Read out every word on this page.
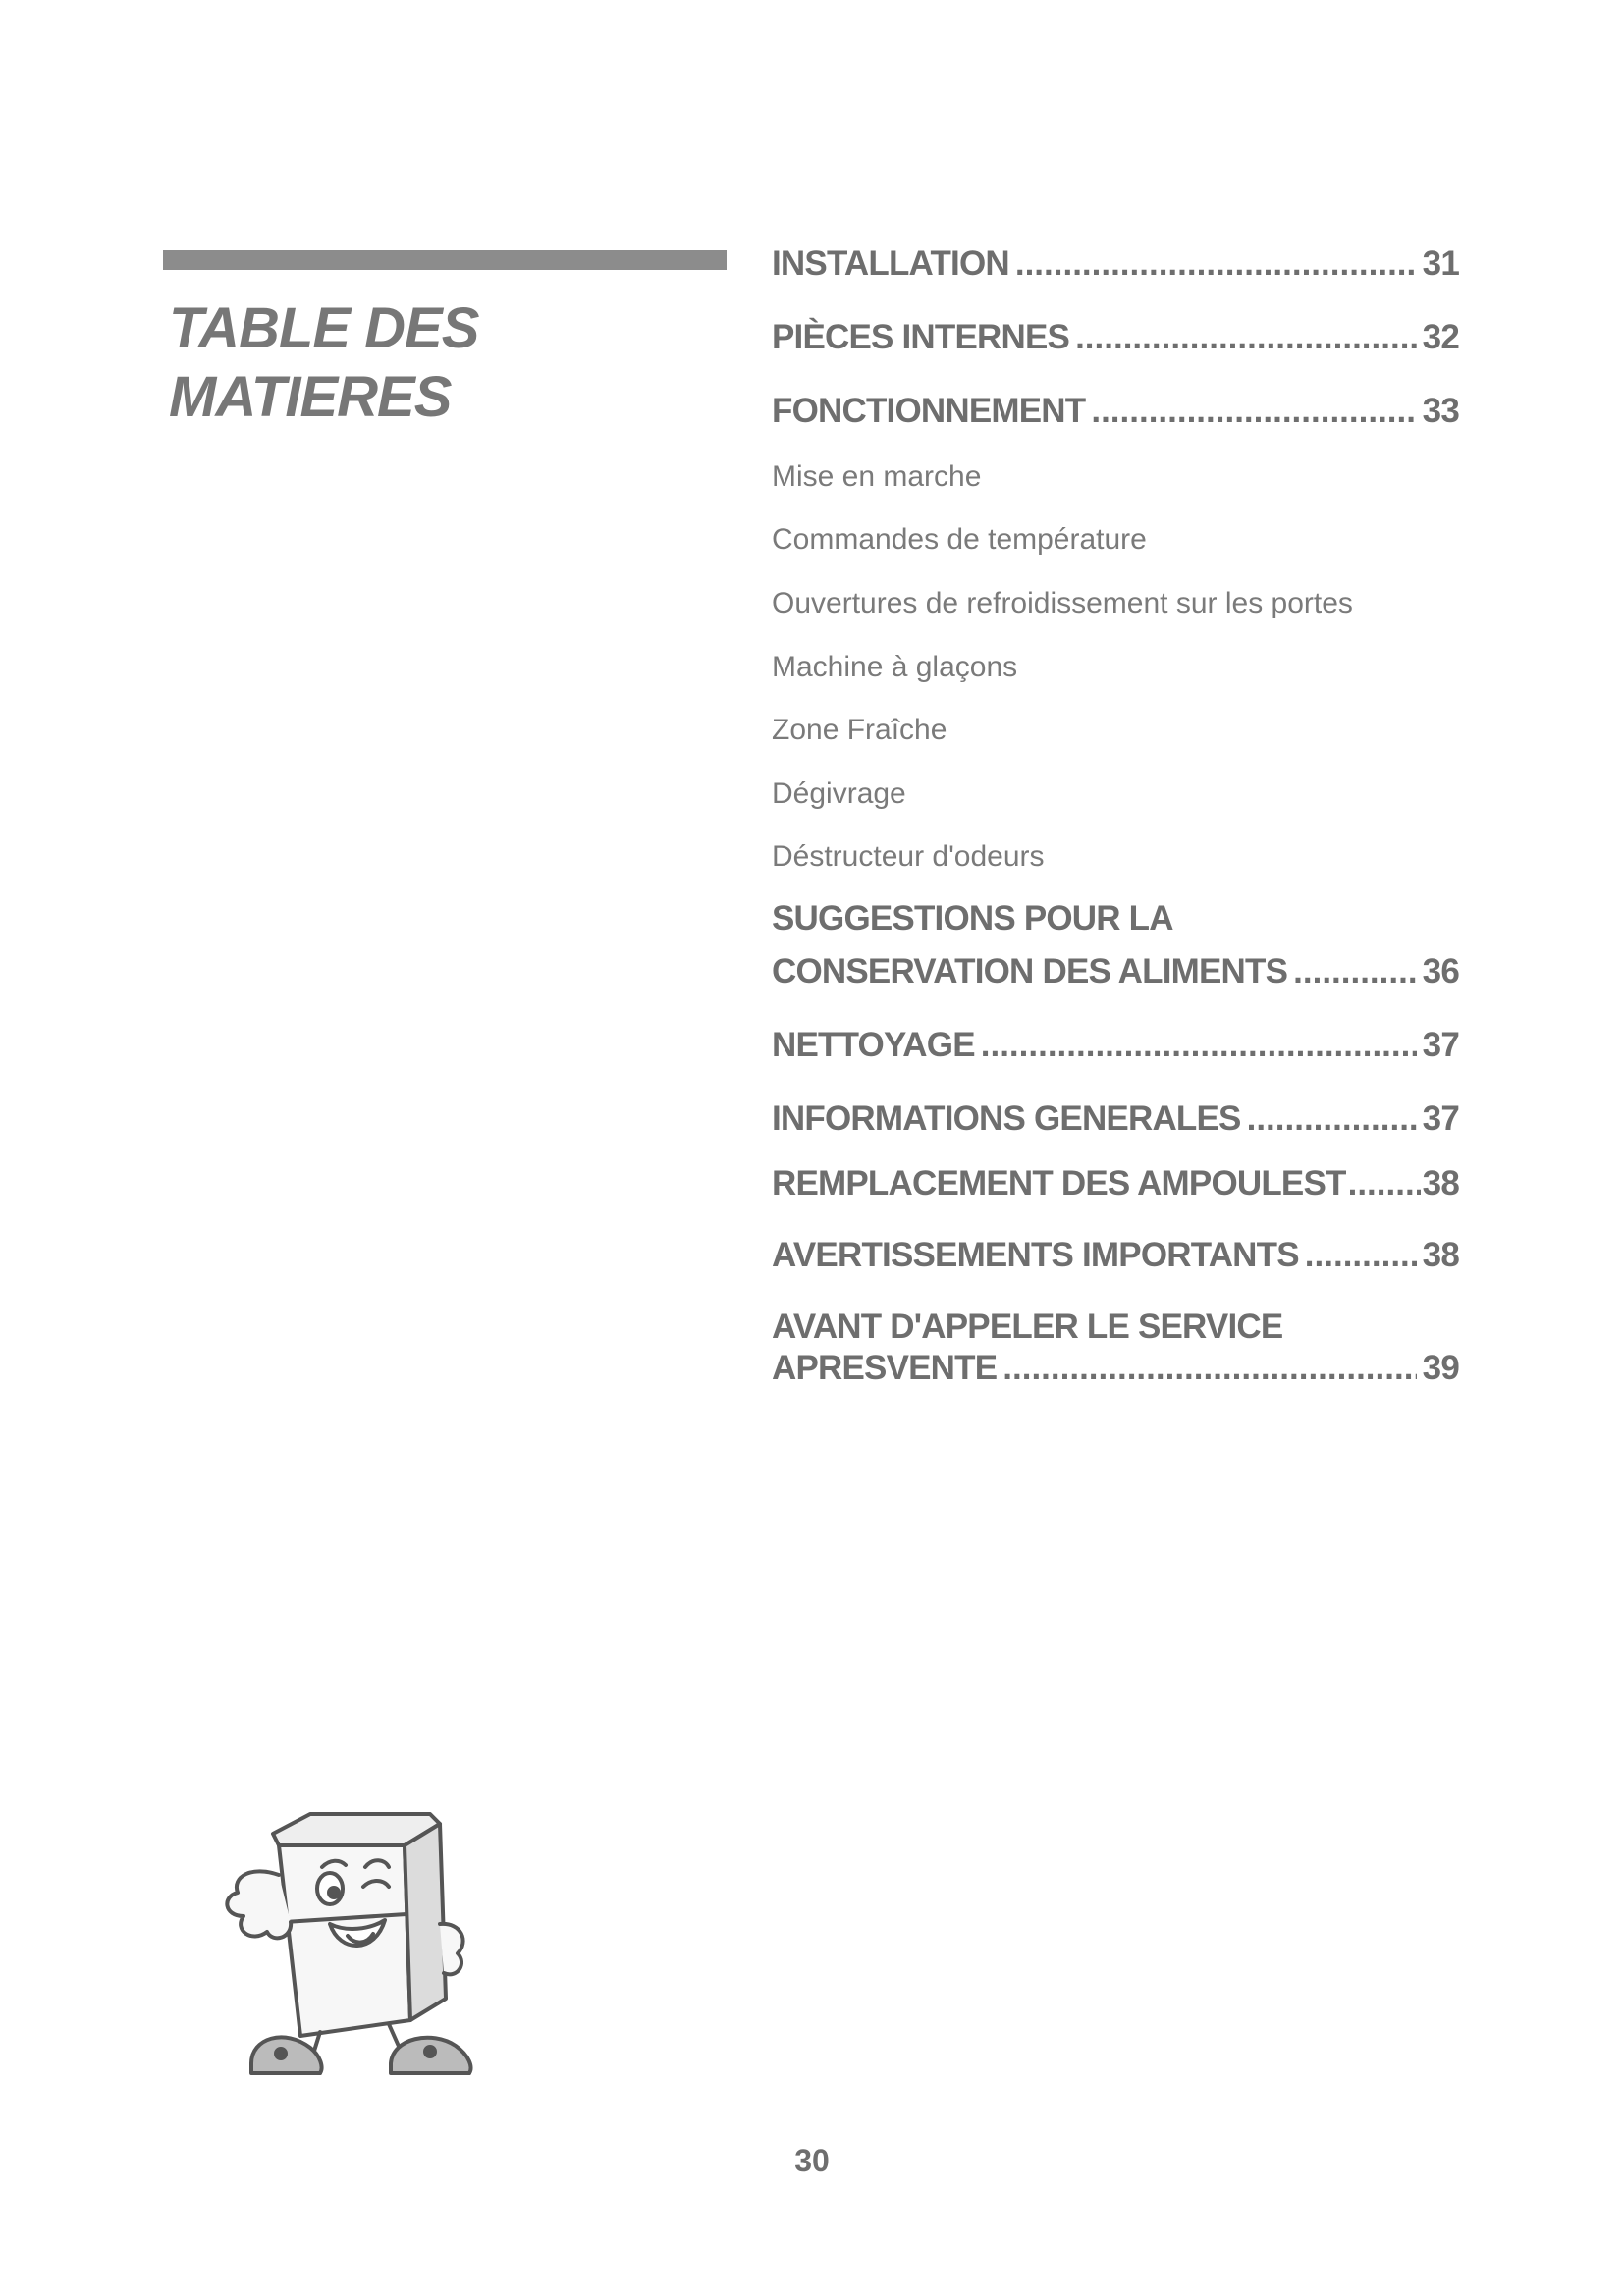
TABLE DES
MATIERES
INSTALLATION .....	31
PIÈCES INTERNES .....	32
FONCTIONNEMENT .....	33
Mise en marche
Commandes de température
Ouvertures de refroidissement sur les portes
Machine à glaçons
Zone Fraîche
Dégivrage
Déstructeur d'odeurs
SUGGESTIONS POUR LA
CONSERVATION DES ALIMENTS .....	36
NETTOYAGE .....	37
INFORMATIONS GENERALES .....	37
REMPLACEMENT DES AMPOULEST ..... 38
AVERTISSEMENTS IMPORTANTS .....	38
AVANT D'APPELER LE SERVICE
APRESVENTE .....	39
30
